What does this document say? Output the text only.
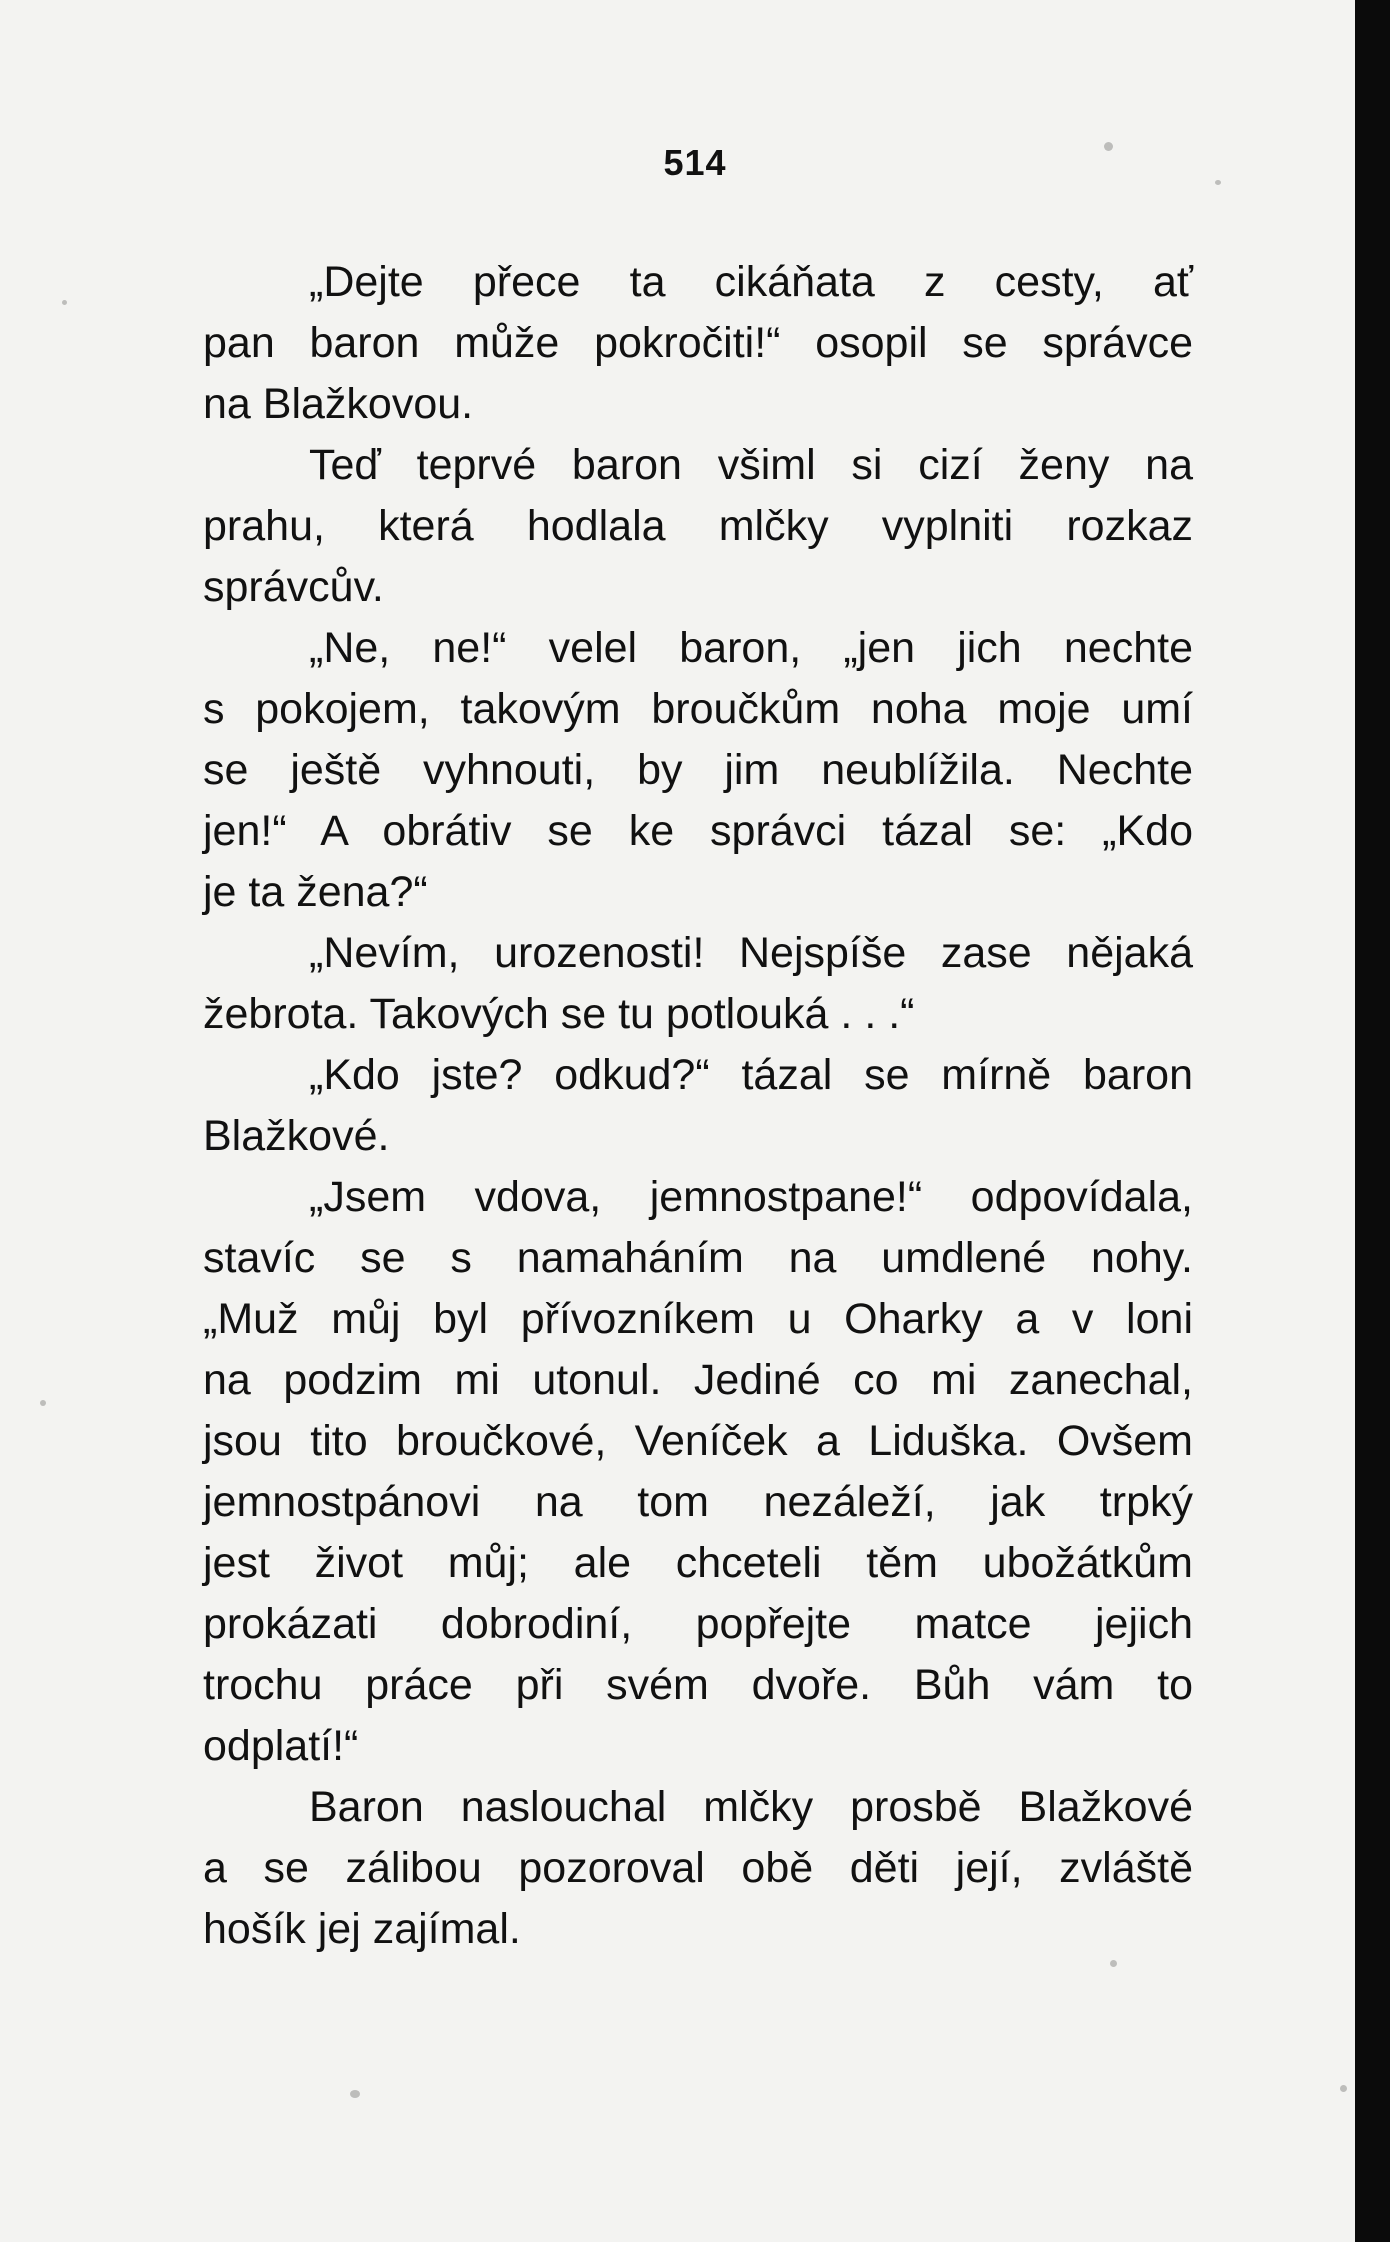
514
„Dejte přece ta cikáňata z cesty, ať
pan baron může pokročiti!“ osopil se správce
na Blažkovou.
Teď teprvé baron všiml si cizí ženy na
prahu, která hodlala mlčky vyplniti rozkaz
správcův.
„Ne, ne!“ velel baron, „jen jich nechte
s pokojem, takovým broučkům noha moje umí
se ještě vyhnouti, by jim neublížila. Nechte
jen!“ A obrátiv se ke správci tázal se: „Kdo
je ta žena?“
„Nevím, urozenosti! Nejspíše zase nějaká
žebrota. Takových se tu potlouká . . .“
„Kdo jste? odkud?“ tázal se mírně baron
Blažkové.
„Jsem vdova, jemnostpane!“ odpovídala,
stavíc se s namaháním na umdlené nohy.
„Muž můj byl přívozníkem u Oharky a v loni
na podzim mi utonul. Jediné co mi zanechal,
jsou tito broučkové, Veníček a Liduška. Ovšem
jemnostpánovi na tom nezáleží, jak trpký
jest život můj; ale chceteli těm ubožátkům
prokázati dobrodiní, popřejte matce jejich
trochu práce při svém dvoře. Bůh vám to
odplatí!“
Baron naslouchal mlčky prosbě Blažkové
a se zálibou pozoroval obě děti její, zvláště
hošík jej zajímal.
